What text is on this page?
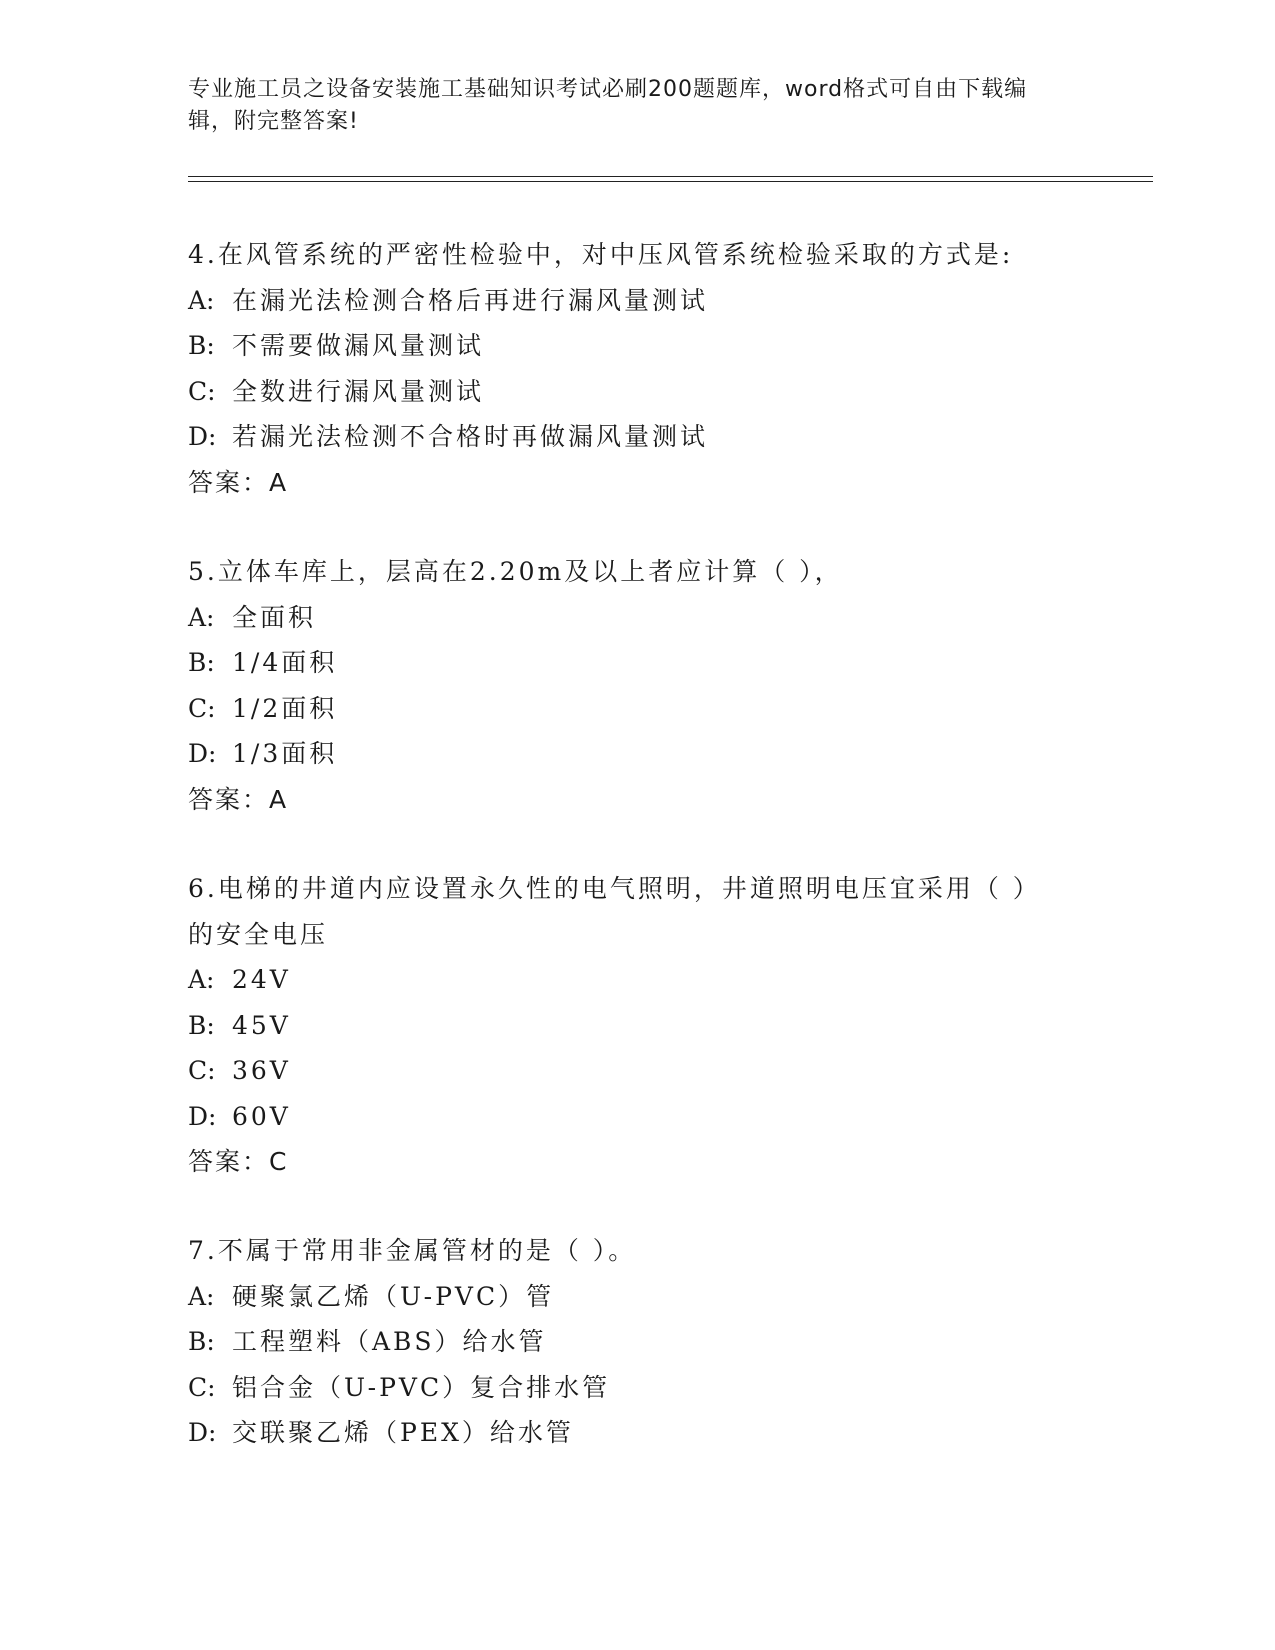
专业施工员之设备安装施工基础知识考试必刷200题题库，word格式可自由下载编辑，附完整答案!
4.在风管系统的严密性检验中，对中压风管系统检验采取的方式是:
A: 在漏光法检测合格后再进行漏风量测试
B: 不需要做漏风量测试
C: 全数进行漏风量测试
D: 若漏光法检测不合格时再做漏风量测试
答案：A
5.立体车库上，层高在2.20m及以上者应计算（ ），
A: 全面积
B: 1/4面积
C: 1/2面积
D: 1/3面积
答案：A
6.电梯的井道内应设置永久性的电气照明，井道照明电压宜采用（ ）的安全电压
A: 24V
B: 45V
C: 36V
D: 60V
答案：C
7.不属于常用非金属管材的是（ ）。
A: 硬聚氯乙烯（U-PVC）管
B: 工程塑料（ABS）给水管
C: 铝合金（U-PVC）复合排水管
D: 交联聚乙烯（PEX）给水管
